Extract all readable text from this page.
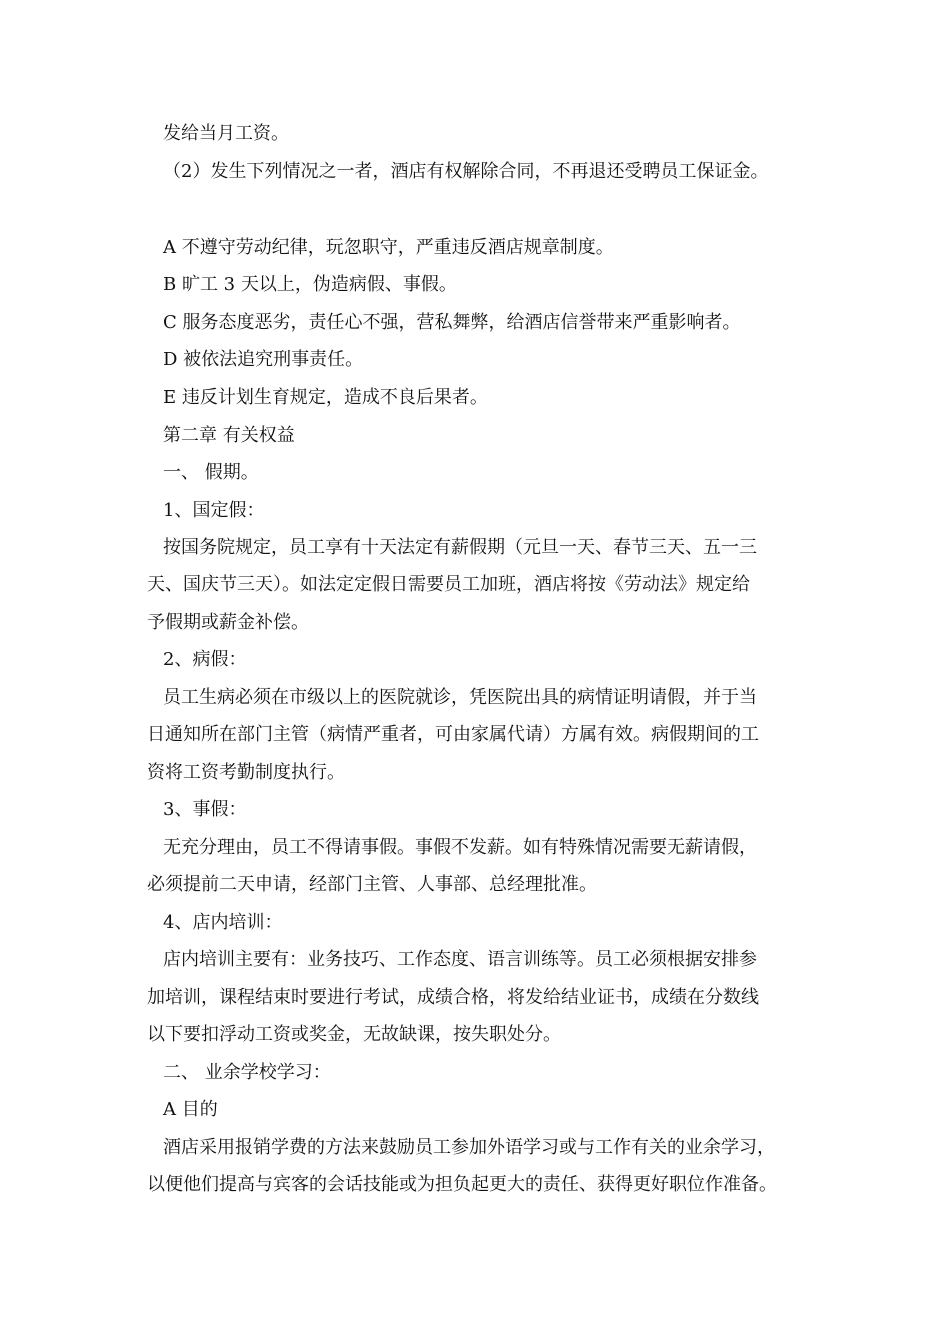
发给当月工资。
（2）发生下列情况之一者，酒店有权解除合同，不再退还受聘员工保证金。
A 不遵守劳动纪律，玩忽职守，严重违反酒店规章制度。
B 旷工 3 天以上，伪造病假、事假。
C 服务态度恶劣，责任心不强，营私舞弊，给酒店信誉带来严重影响者。
D 被依法追究刑事责任。
E 违反计划生育规定，造成不良后果者。
第二章 有关权益
一、 假期。
1、国定假：
按国务院规定，员工享有十天法定有薪假期（元旦一天、春节三天、五一三
天、国庆节三天）。如法定定假日需要员工加班，酒店将按《劳动法》规定给
予假期或薪金补偿。
2、病假：
员工生病必须在市级以上的医院就诊，凭医院出具的病情证明请假，并于当
日通知所在部门主管（病情严重者，可由家属代请）方属有效。病假期间的工
资将工资考勤制度执行。
3、事假：
无充分理由，员工不得请事假。事假不发薪。如有特殊情况需要无薪请假，
必须提前二天申请，经部门主管、人事部、总经理批准。
4、店内培训：
店内培训主要有：业务技巧、工作态度、语言训练等。员工必须根据安排参
加培训，课程结束时要进行考试，成绩合格，将发给结业证书，成绩在分数线
以下要扣浮动工资或奖金，无故缺课，按失职处分。
二、 业余学校学习：
A 目的
酒店采用报销学费的方法来鼓励员工参加外语学习或与工作有关的业余学习，
以便他们提高与宾客的会话技能或为担负起更大的责任、获得更好职位作准备。
